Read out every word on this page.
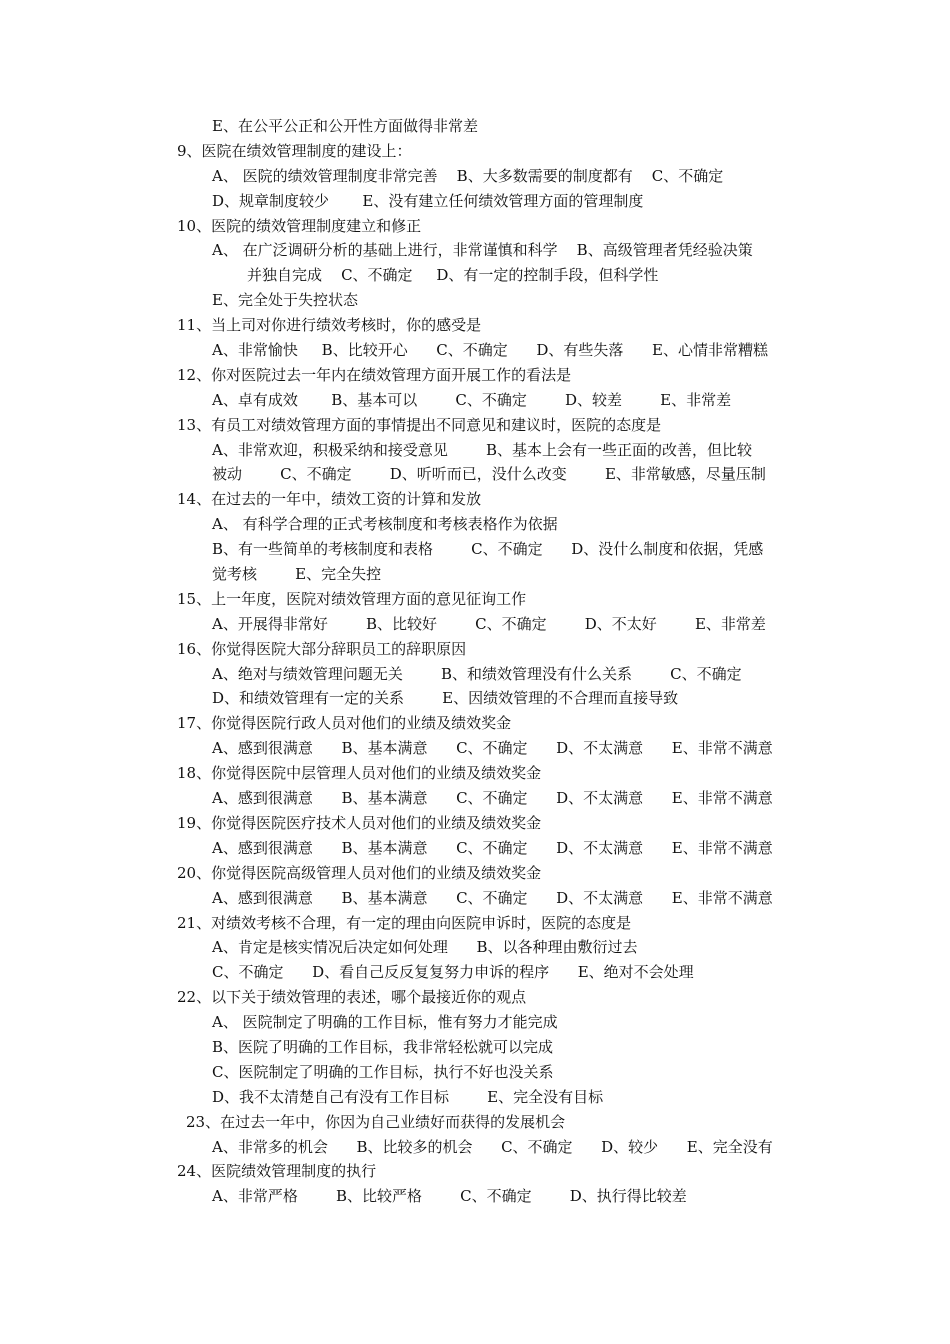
E、在公平公正和公开性方面做得非常差
9、医院在绩效管理制度的建设上：
A、 医院的绩效管理制度非常完善    B、大多数需要的制度都有    C、不确定
D、规章制度较少       E、没有建立任何绩效管理方面的管理制度
10、医院的绩效管理制度建立和修正
A、 在广泛调研分析的基础上进行，非常谨慎和科学    B、高级管理者凭经验决策
并独自完成    C、不确定     D、有一定的控制手段，但科学性
E、完全处于失控状态
11、当上司对你进行绩效考核时，你的感受是
A、非常愉快     B、比较开心      C、不确定      D、有些失落      E、心情非常糟糕
12、你对医院过去一年内在绩效管理方面开展工作的看法是
A、卓有成效       B、基本可以        C、不确定        D、较差        E、非常差
13、有员工对绩效管理方面的事情提出不同意见和建议时，医院的态度是
A、非常欢迎，积极采纳和接受意见        B、基本上会有一些正面的改善，但比较
被动        C、不确定        D、听听而已，没什么改变        E、非常敏感，尽量压制
14、在过去的一年中，绩效工资的计算和发放
A、 有科学合理的正式考核制度和考核表格作为依据
B、有一些简单的考核制度和表格        C、不确定      D、没什么制度和依据，凭感
觉考核        E、完全失控
15、上一年度，医院对绩效管理方面的意见征询工作
A、开展得非常好        B、比较好        C、不确定        D、不太好        E、非常差
16、你觉得医院大部分辞职员工的辞职原因
A、绝对与绩效管理问题无关        B、和绩效管理没有什么关系        C、不确定
D、和绩效管理有一定的关系        E、因绩效管理的不合理而直接导致
17、你觉得医院行政人员对他们的业绩及绩效奖金
A、感到很满意      B、基本满意      C、不确定      D、不太满意      E、非常不满意
18、你觉得医院中层管理人员对他们的业绩及绩效奖金
A、感到很满意      B、基本满意      C、不确定      D、不太满意      E、非常不满意
19、你觉得医院医疗技术人员对他们的业绩及绩效奖金
A、感到很满意      B、基本满意      C、不确定      D、不太满意      E、非常不满意
20、你觉得医院高级管理人员对他们的业绩及绩效奖金
A、感到很满意      B、基本满意      C、不确定      D、不太满意      E、非常不满意
21、对绩效考核不合理，有一定的理由向医院申诉时，医院的态度是
A、肯定是核实情况后决定如何处理      B、以各种理由敷衍过去
C、不确定      D、看自己反反复复努力申诉的程序      E、绝对不会处理
22、以下关于绩效管理的表述，哪个最接近你的观点
A、 医院制定了明确的工作目标，惟有努力才能完成
B、医院了明确的工作目标，我非常轻松就可以完成
C、医院制定了明确的工作目标，执行不好也没关系
D、我不太清楚自己有没有工作目标        E、完全没有目标
23、在过去一年中，你因为自己业绩好而获得的发展机会
A、非常多的机会      B、比较多的机会      C、不确定      D、较少      E、完全没有
24、医院绩效管理制度的执行
A、非常严格        B、比较严格        C、不确定        D、执行得比较差
